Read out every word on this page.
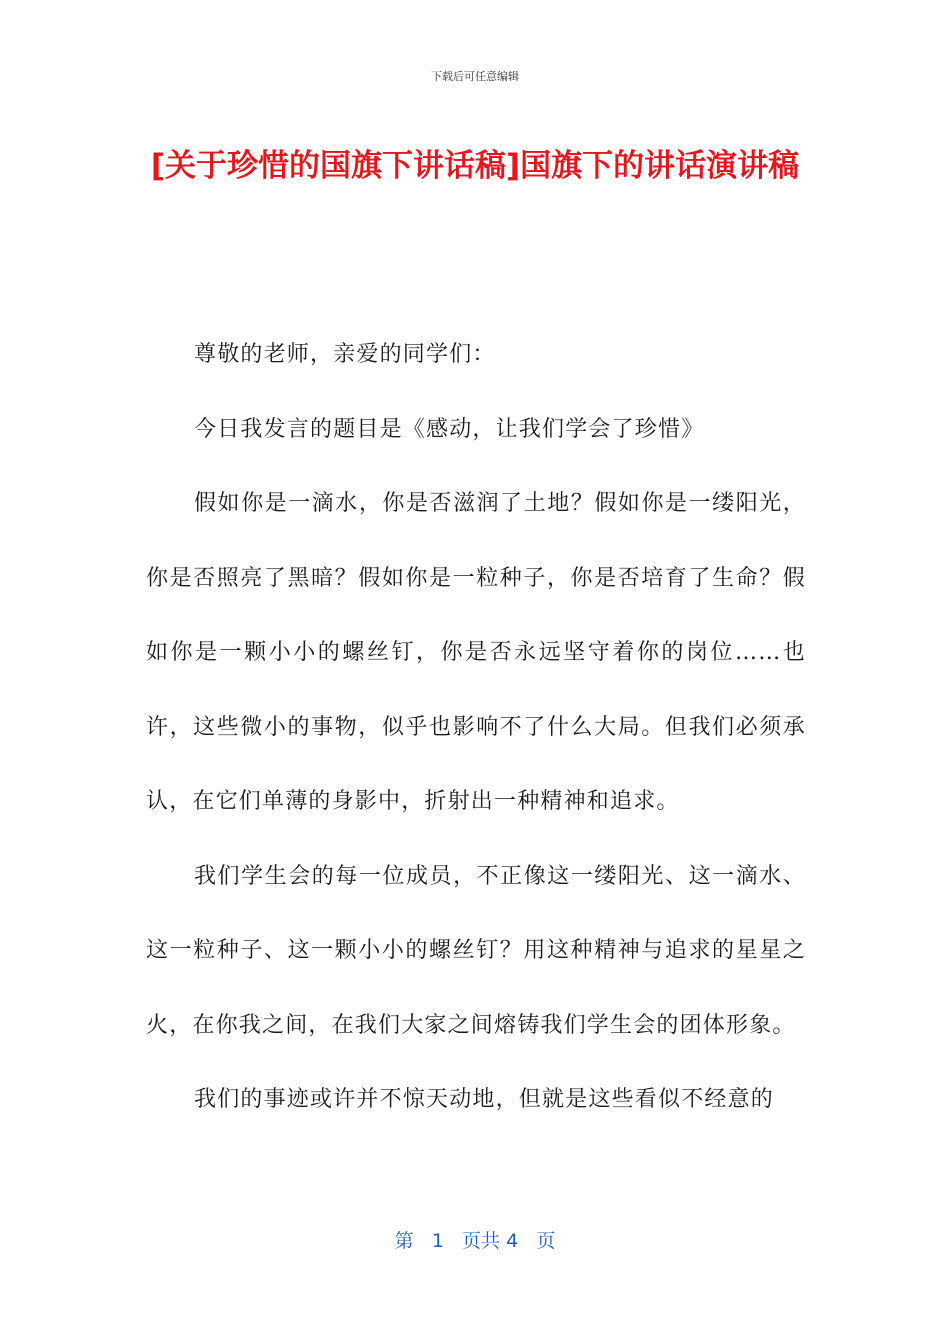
下载后可任意编辑
[关于珍惜的国旗下讲话稿]国旗下的讲话演讲稿

尊敬的老师，亲爱的同学们：

今日我发言的题目是《感动，让我们学会了珍惜》

假如你是一滴水，你是否滋润了土地？假如你是一缕阳光，你是否照亮了黑暗？假如你是一粒种子，你是否培育了生命？假如你是一颗小小的螺丝钉，你是否永远坚守着你的岗位……也许，这些微小的事物，似乎也影响不了什么大局。但我们必须承认，在它们单薄的身影中，折射出一种精神和追求。

我们学生会的每一位成员，不正像这一缕阳光、这一滴水、这一粒种子、这一颗小小的螺丝钉？用这种精神与追求的星星之火，在你我之间，在我们大家之间熔铸我们学生会的团体形象。

我们的事迹或许并不惊天动地，但就是这些看似不经意的

第 1 页共 4 页
